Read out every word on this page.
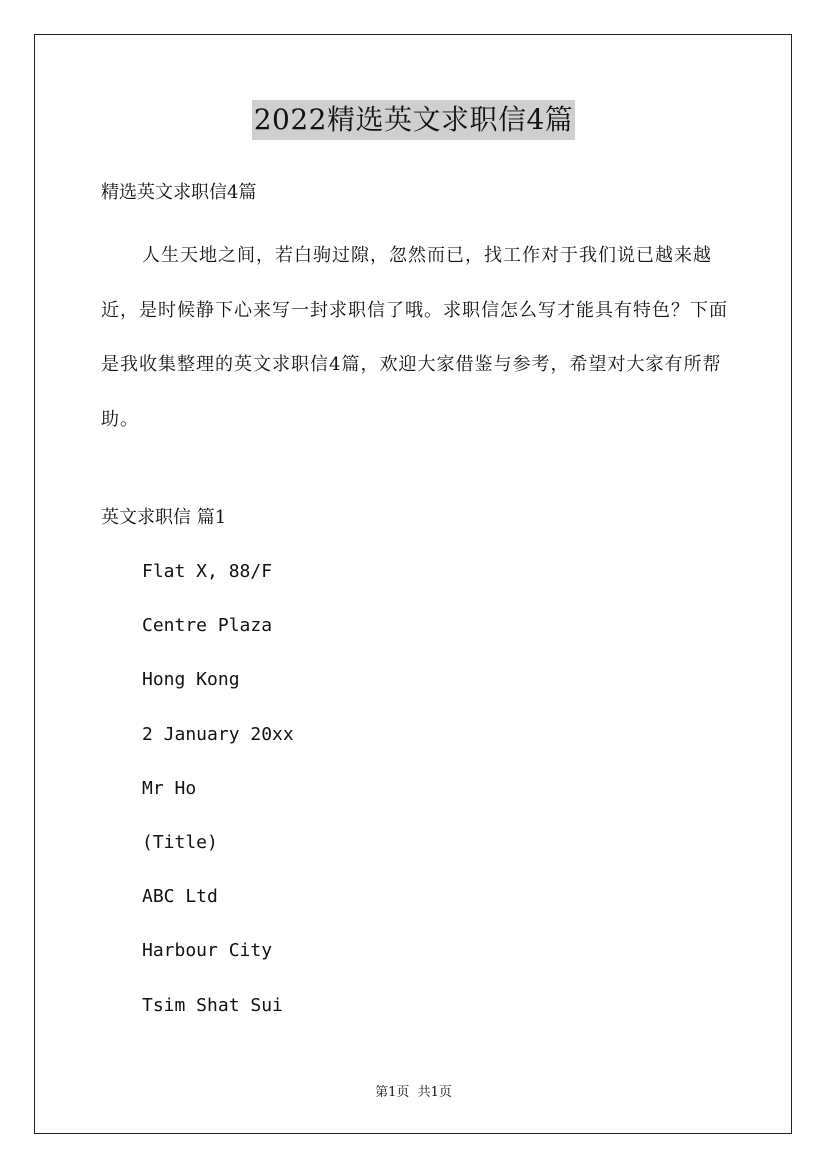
2022精选英文求职信4篇
精选英文求职信4篇

人生天地之间，若白驹过隙，忽然而已，找工作对于我们说已越来越近，是时候静下心来写一封求职信了哦。求职信怎么写才能具有特色？下面是我收集整理的英文求职信4篇，欢迎大家借鉴与参考，希望对大家有所帮助。

英文求职信 篇1
Flat X, 88/F
Centre Plaza
Hong Kong
2 January 20xx
Mr Ho
(Title)
ABC Ltd
Harbour City
Tsim Shat Sui
第1页  共1页
